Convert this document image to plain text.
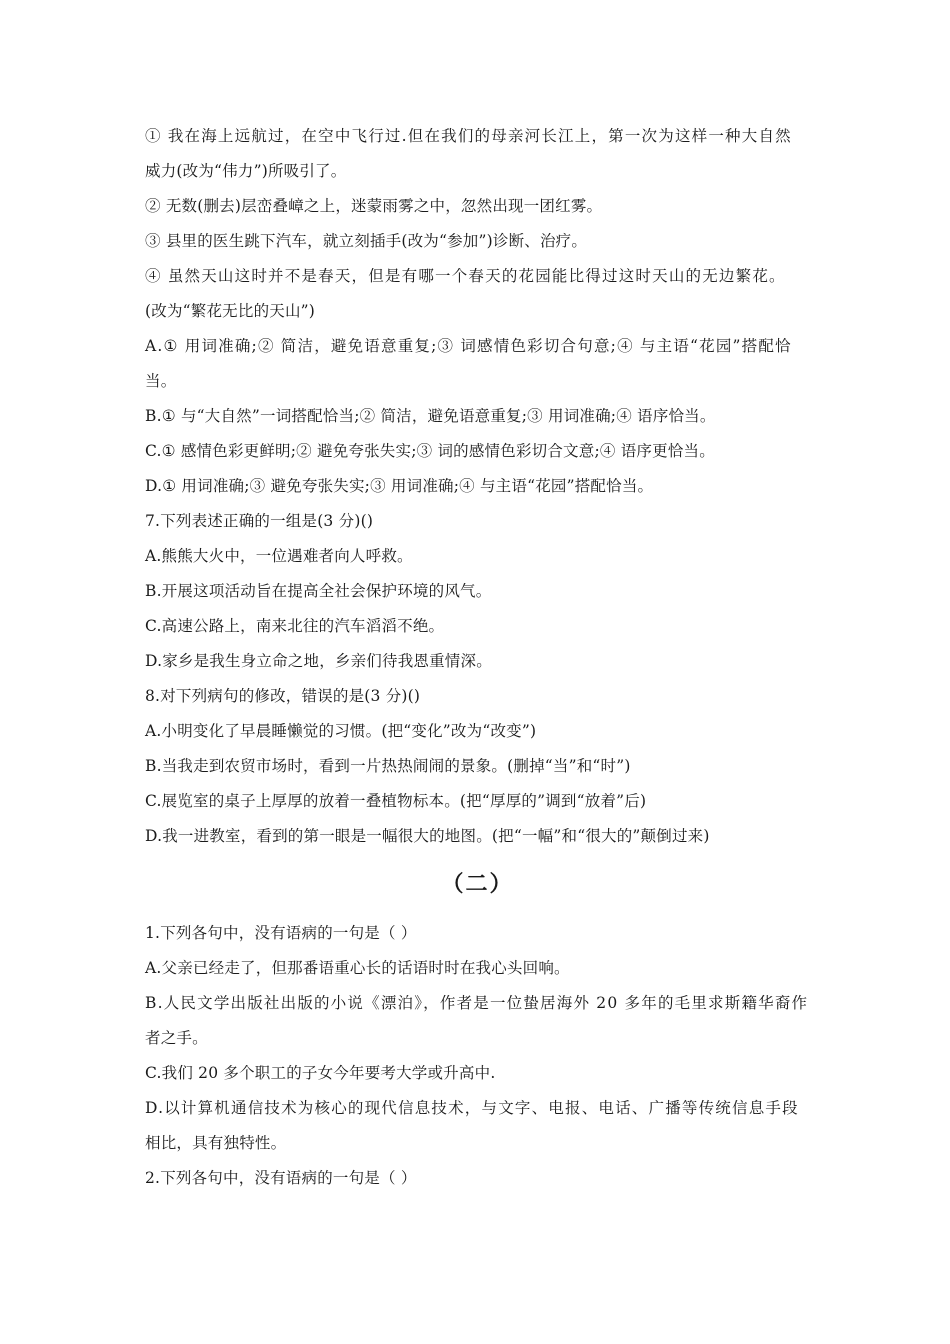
① 我在海上远航过，在空中飞行过.但在我们的母亲河长江上，第一次为这样一种大自然
威力(改为“伟力”)所吸引了。
② 无数(删去)层峦叠嶂之上，迷蒙雨雾之中，忽然出现一团红雾。
③ 县里的医生跳下汽车，就立刻插手(改为“参加”)诊断、治疗。
④ 虽然天山这时并不是春天，但是有哪一个春天的花园能比得过这时天山的无边繁花。
(改为“繁花无比的天山”)
A.① 用词准确;② 简洁，避免语意重复;③ 词感情色彩切合句意;④ 与主语“花园”搭配恰
当。
B.① 与“大自然”一词搭配恰当;② 简洁，避免语意重复;③ 用词准确;④ 语序恰当。
C.① 感情色彩更鲜明;② 避免夸张失实;③ 词的感情色彩切合文意;④ 语序更恰当。
D.① 用词准确;③ 避免夸张失实;③ 用词准确;④ 与主语“花园”搭配恰当。
7.下列表述正确的一组是(3 分)()
A.熊熊大火中，一位遇难者向人呼救。
B.开展这项活动旨在提高全社会保护环境的风气。
C.高速公路上，南来北往的汽车滔滔不绝。
D.家乡是我生身立命之地，乡亲们待我恩重情深。
8.对下列病句的修改，错误的是(3 分)()
A.小明变化了早晨睡懒觉的习惯。(把“变化”改为“改变”)
B.当我走到农贸市场时，看到一片热热闹闹的景象。(删掉“当”和“时”)
C.展览室的桌子上厚厚的放着一叠植物标本。(把“厚厚的”调到“放着”后)
D.我一进教室，看到的第一眼是一幅很大的地图。(把“一幅”和“很大的”颠倒过来)
（二）
1.下列各句中，没有语病的一句是（ ）
A.父亲已经走了，但那番语重心长的话语时时在我心头回响。
B.人民文学出版社出版的小说《漂泊》，作者是一位蛰居海外 20 多年的毛里求斯籍华裔作
者之手。
C.我们 20 多个职工的子女今年要考大学或升高中.
D.以计算机通信技术为核心的现代信息技术，与文字、电报、电话、广播等传统信息手段
相比，具有独特性。
2.下列各句中，没有语病的一句是（ ）
